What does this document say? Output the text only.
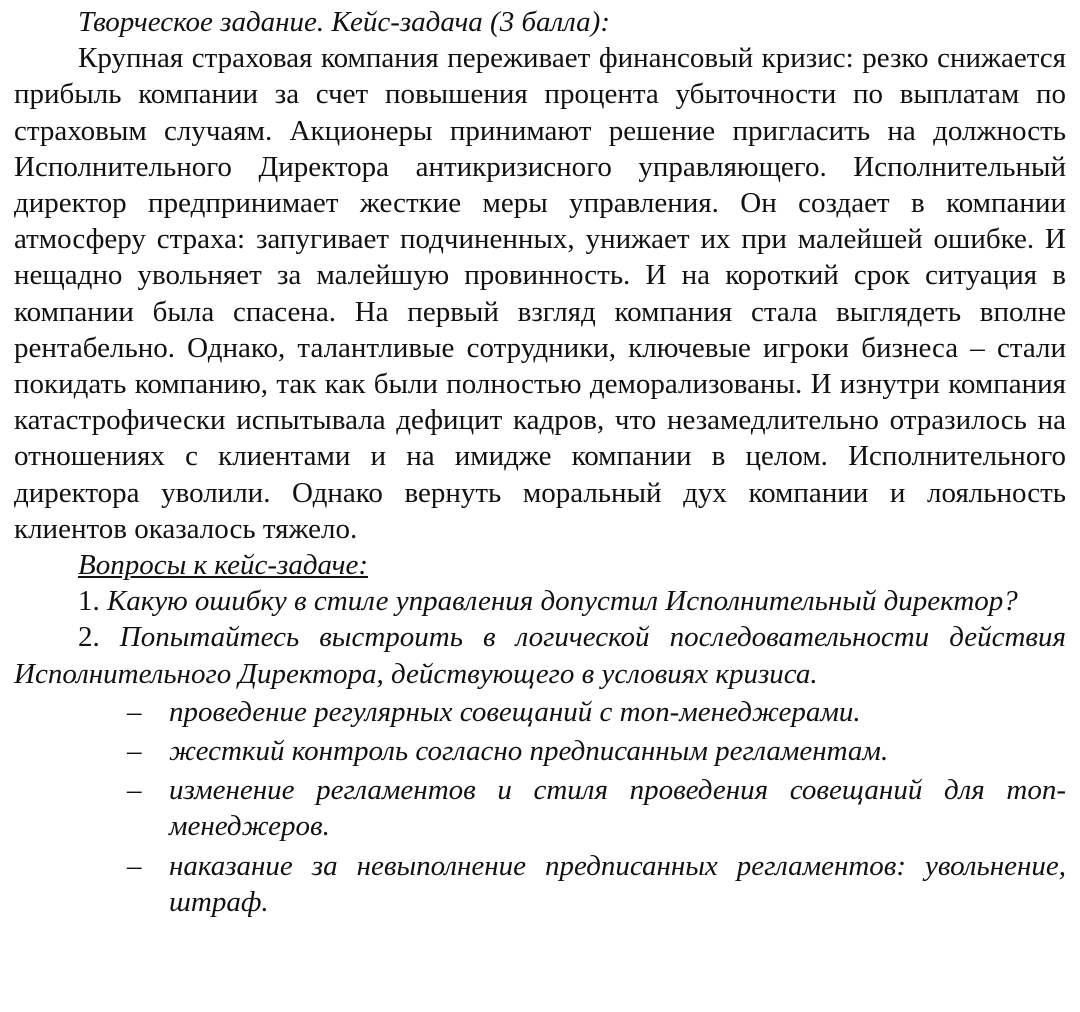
Творческое задание. Кейс-задача (3 балла):

Крупная страховая компания переживает финансовый кризис: резко снижается прибыль компании за счет повышения процента убыточности по выплатам по страховым случаям. Акционеры принимают решение пригласить на должность Исполнительного Директора антикризисного управляющего. Исполнительный директор предпринимает жесткие меры управления. Он создает в компании атмосферу страха: запугивает подчиненных, унижает их при малейшей ошибке. И нещадно увольняет за малейшую провинность. И на короткий срок ситуация в компании была спасена. На первый взгляд компания стала выглядеть вполне рентабельно. Однако, талантливые сотрудники, ключевые игроки бизнеса – стали покидать компанию, так как были полностью деморализованы. И изнутри компания катастрофически испытывала дефицит кадров, что незамедлительно отразилось на отношениях с клиентами и на имидже компании в целом. Исполнительного директора уволили. Однако вернуть моральный дух компании и лояльность клиентов оказалось тяжело.

Вопросы к кейс-задаче:

1. Какую ошибку в стиле управления допустил Исполнительный директор?

2. Попытайтесь выстроить в логической последовательности действия Исполнительного Директора, действующего в условиях кризиса.

– проведение регулярных совещаний с топ-менеджерами.
– жесткий контроль согласно предписанным регламентам.
– изменение регламентов и стиля проведения совещаний для топ-менеджеров.
– наказание за невыполнение предписанных регламентов: увольнение, штраф.
